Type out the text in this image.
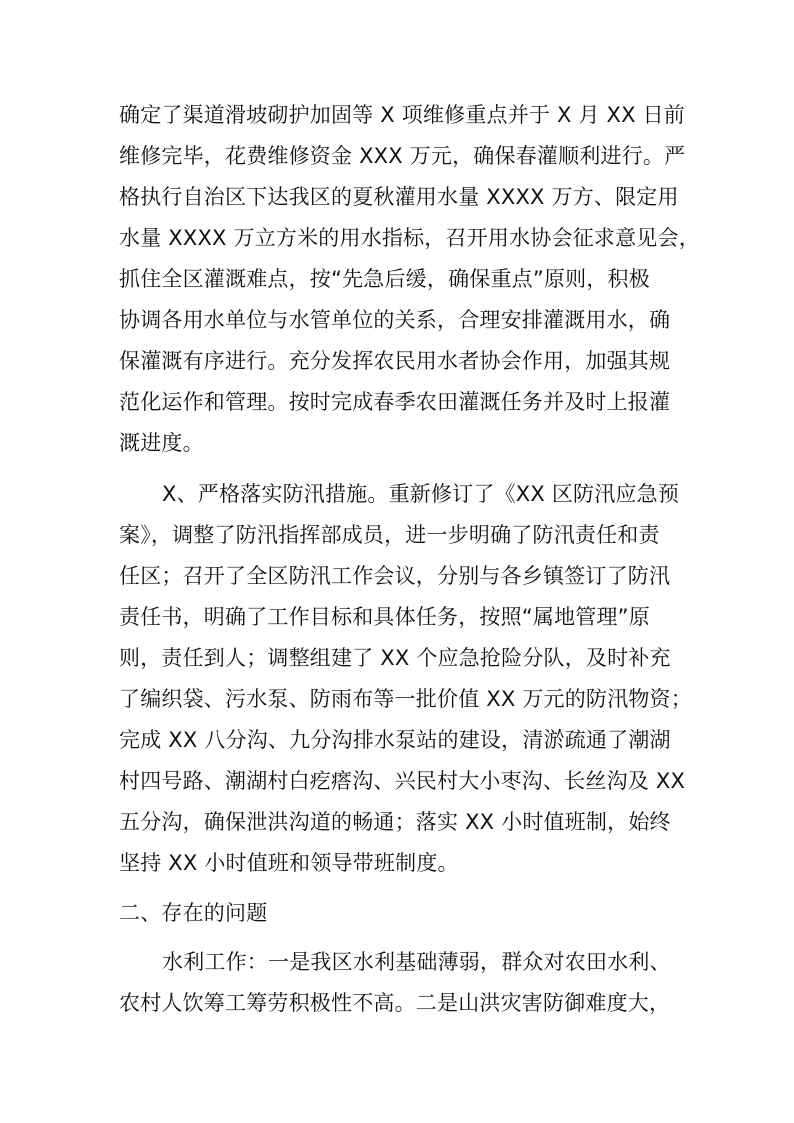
确定了渠道滑坡砌护加固等 X 项维修重点并于 X 月 XX 日前
维修完毕，花费维修资金 XXX 万元，确保春灌顺利进行。严
格执行自治区下达我区的夏秋灌用水量 XXXX 万方、限定用
水量 XXXX 万立方米的用水指标，召开用水协会征求意见会，
抓住全区灌溉难点，按“先急后缓，确保重点”原则，积极
协调各用水单位与水管单位的关系，合理安排灌溉用水，确
保灌溉有序进行。充分发挥农民用水者协会作用，加强其规
范化运作和管理。按时完成春季农田灌溉任务并及时上报灌
溉进度。
X、严格落实防汛措施。重新修订了《XX 区防汛应急预
案》，调整了防汛指挥部成员，进一步明确了防汛责任和责
任区；召开了全区防汛工作会议，分别与各乡镇签订了防汛
责任书，明确了工作目标和具体任务，按照“属地管理”原
则，责任到人；调整组建了 XX 个应急抢险分队，及时补充
了编织袋、污水泵、防雨布等一批价值 XX 万元的防汛物资；
完成 XX 八分沟、九分沟排水泵站的建设，清淤疏通了潮湖
村四号路、潮湖村白疙瘩沟、兴民村大小枣沟、长丝沟及 XX
五分沟，确保泄洪沟道的畅通；落实 XX 小时值班制，始终
坚持 XX 小时值班和领导带班制度。
二、存在的问题
水利工作：一是我区水利基础薄弱，群众对农田水利、
农村人饮筹工筹劳积极性不高。二是山洪灾害防御难度大，
